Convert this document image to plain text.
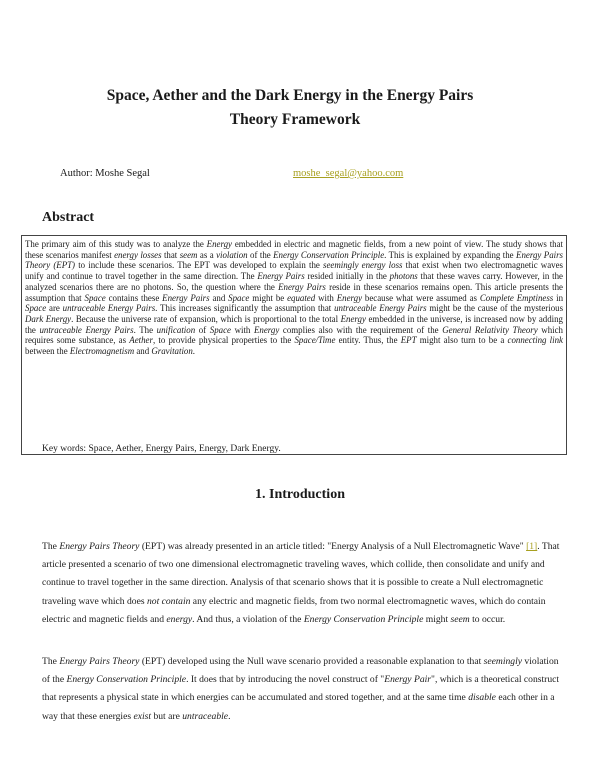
Space, Aether and the Dark Energy in the Energy Pairs
Theory Framework
Author: Moshe Segal	moshe_segal@yahoo.com
Abstract
The primary aim of this study was to analyze the Energy embedded in electric and magnetic fields, from a new point of view. The study shows that these scenarios manifest energy losses that seem as a violation of the Energy Conservation Principle. This is explained by expanding the Energy Pairs Theory (EPT) to include these scenarios. The EPT was developed to explain the seemingly energy loss that exist when two electromagnetic waves unify and continue to travel together in the same direction. The Energy Pairs resided initially in the photons that these waves carry. However, in the analyzed scenarios there are no photons. So, the question where the Energy Pairs reside in these scenarios remains open. This article presents the assumption that Space contains these Energy Pairs and Space might be equated with Energy because what were assumed as Complete Emptiness in Space are untraceable Energy Pairs. This increases significantly the assumption that untraceable Energy Pairs might be the cause of the mysterious Dark Energy. Because the universe rate of expansion, which is proportional to the total Energy embedded in the universe, is increased now by adding the untraceable Energy Pairs. The unification of Space with Energy complies also with the requirement of the General Relativity Theory which requires some substance, as Aether, to provide physical properties to the Space/Time entity. Thus, the EPT might also turn to be a connecting link between the Electromagnetism and Gravitation.
Key words: Space, Aether, Energy Pairs, Energy, Dark Energy.
1. Introduction
The Energy Pairs Theory (EPT) was already presented in an article titled: "Energy Analysis of a Null Electromagnetic Wave" [1]. That article presented a scenario of two one dimensional electromagnetic traveling waves, which collide, then consolidate and unify and continue to travel together in the same direction. Analysis of that scenario shows that it is possible to create a Null electromagnetic traveling wave which does not contain any electric and magnetic fields, from two normal electromagnetic waves, which do contain electric and magnetic fields and energy. And thus, a violation of the Energy Conservation Principle might seem to occur.
The Energy Pairs Theory (EPT) developed using the Null wave scenario provided a reasonable explanation to that seemingly violation of the Energy Conservation Principle. It does that by introducing the novel construct of "Energy Pair", which is a theoretical construct that represents a physical state in which energies can be accumulated and stored together, and at the same time disable each other in a way that these energies exist but are untraceable.
